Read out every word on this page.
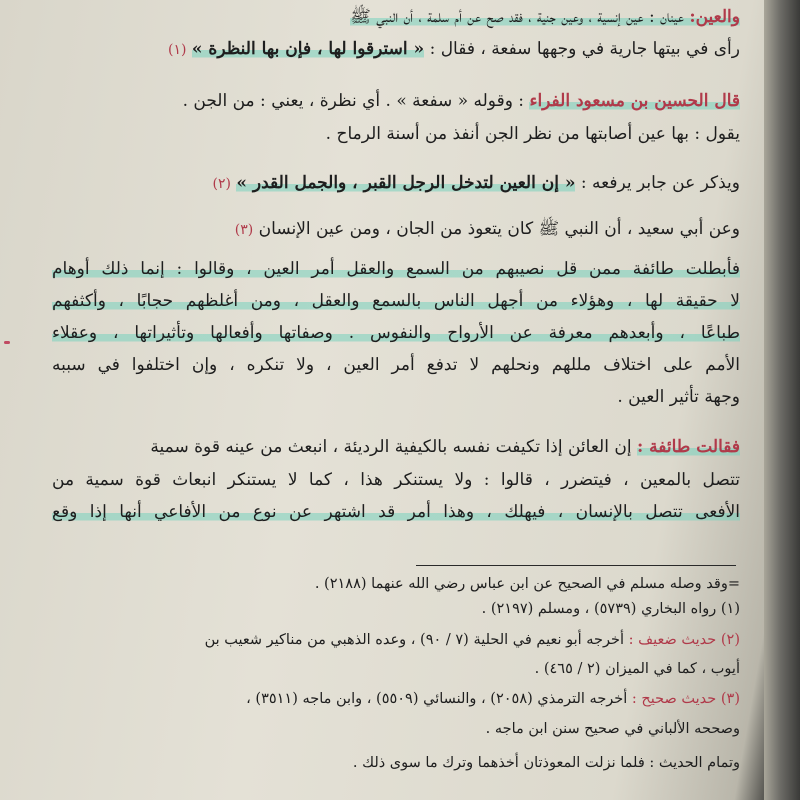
والعين: عينان : عين إنسية ، وعين جنية ، فقد صح عن أم سلمة ، أن النبي ﷺ
رأى في بيتها جارية في وجهها سفعة ، فقال : « استرقوا لها ، فإن بها النظرة » (١)
قال الحسين بن مسعود الفراء : وقوله « سفعة » . أي نظرة ، يعني : من الجن .
يقول : بها عين أصابتها من نظر الجن أنفذ من أسنة الرماح .
ويذكر عن جابر يرفعه : « إن العين لتدخل الرجل القبر ، والجمل القدر » (٢)
وعن أبي سعيد ، أن النبي ﷺ كان يتعوذ من الجان ، ومن عين الإنسان (٣)
فأبطلت طائفة ممن قل نصيبهم من السمع والعقل أمر العين ، وقالوا : إنما ذلك أوهام
لا حقيقة لها ، وهؤلاء من أجهل الناس بالسمع والعقل ، ومن أغلظهم حجابًا ، وأكثفهم
طباعًا ، وأبعدهم معرفة عن الأرواح والنفوس . وصفاتها وأفعالها وتأثيراتها ، وعقلاء
الأمم على اختلاف مللهم ونحلهم لا تدفع أمر العين ، ولا تنكره ، وإن اختلفوا في سببه
وجهة تأثير العين .
فقالت طائفة : إن العائن إذا تكيفت نفسه بالكيفية الرديئة ، انبعث من عينه قوة سمية
تتصل بالمعين ، فيتضرر ، قالوا : ولا يستنكر هذا ، كما لا يستنكر انبعاث قوة سمية من
الأفعى تتصل بالإنسان ، فيهلك ، وهذا أمر قد اشتهر عن نوع من الأفاعي أنها إذا وقع
=وقد وصله مسلم في الصحيح عن ابن عباس رضي الله عنهما (٢١٨٨) .
(١) رواه البخاري (٥٧٣٩) ، ومسلم (٢١٩٧) .
(٢) حديث ضعيف : أخرجه أبو نعيم في الحلية (٧ / ٩٠) ، وعده الذهبي من مناكير شعيب بن
أيوب ، كما في الميزان (٢ / ٤٦٥) .
(٣) حديث صحيح : أخرجه الترمذي (٢٠٥٨) ، والنسائي (٥٥٠٩) ، وابن ماجه (٣٥١١) ،
وصححه الألباني في صحيح سنن ابن ماجه .
وتمام الحديث : فلما نزلت المعوذتان أخذهما وترك ما سوى ذلك .
